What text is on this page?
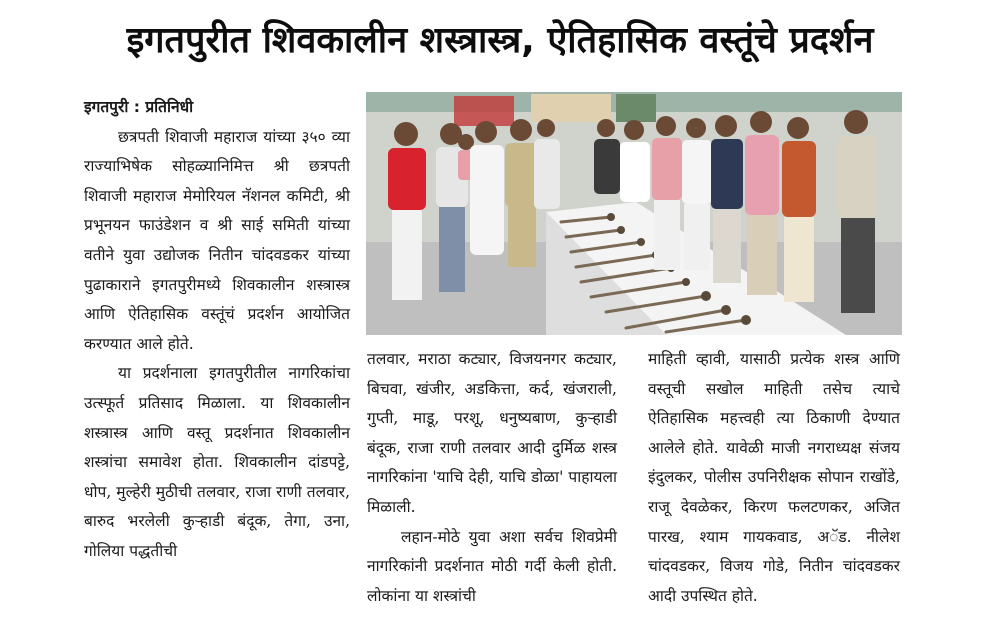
इगतपुरीत शिवकालीन शस्त्रास्त्र, ऐतिहासिक वस्तूंचे प्रदर्शन
इगतपुरी : प्रतिनिधी

छत्रपती शिवाजी महाराज यांच्या ३५० व्या राज्याभिषेक सोहळ्यानिमित्त श्री छत्रपती शिवाजी महाराज मेमोरियल नॅशनल कमिटी, श्री प्रभूनयन फाउंडेशन व श्री साई समिती यांच्या वतीने युवा उद्योजक नितीन चांदवडकर यांच्या पुढाकाराने इगतपुरीमध्ये शिवकालीन शस्त्रास्त्र आणि ऐतिहासिक वस्तूंचं प्रदर्शन आयोजित करण्यात आले होते.

या प्रदर्शनाला इगतपुरीतील नागरिकांचा उत्स्फूर्त प्रतिसाद मिळाला. या शिवकालीन शस्त्रास्त्र आणि वस्तू प्रदर्शनात शिवकालीन शस्त्रांचा समावेश होता. शिवकालीन दांडपट्टे, धोप, मुल्हेरी मुठीची तलवार, राजा राणी तलवार, बारुद भरलेली कुऱ्हाडी बंदूक, तेगा, उना, गोलिया पद्धतीची

तलवार, मराठा कट्यार, विजयनगर कट्यार, बिचवा, खंजीर, अडकित्ता, कर्द, खंजराली, गुप्ती, माडू, परशू, धनुष्यबाण, कुऱ्हाडी बंदूक, राजा राणी तलवार आदी दुर्मिळ शस्त्र नागरिकांना 'याचि देही, याचि डोळा' पाहायला मिळाली.

लहान-मोठे युवा अशा सर्वच शिवप्रेमी नागरिकांनी प्रदर्शनात मोठी गर्दी केली होती. लोकांना या शस्त्रांची

माहिती व्हावी, यासाठी प्रत्येक शस्त्र आणि वस्तूची सखोल माहिती तसेच त्याचे ऐतिहासिक महत्त्वही त्या ठिकाणी देण्यात आलेले होते. यावेळी माजी नगराध्यक्ष संजय इंदुलकर, पोलीस उपनिरीक्षक सोपान राखोंडे, राजू देवळेकर, किरण फलटणकर, अजित पारख, श्याम गायकवाड, अॅड. नीलेश चांदवडकर, विजय गोडे, नितीन चांदवडकर आदी उपस्थित होते.
